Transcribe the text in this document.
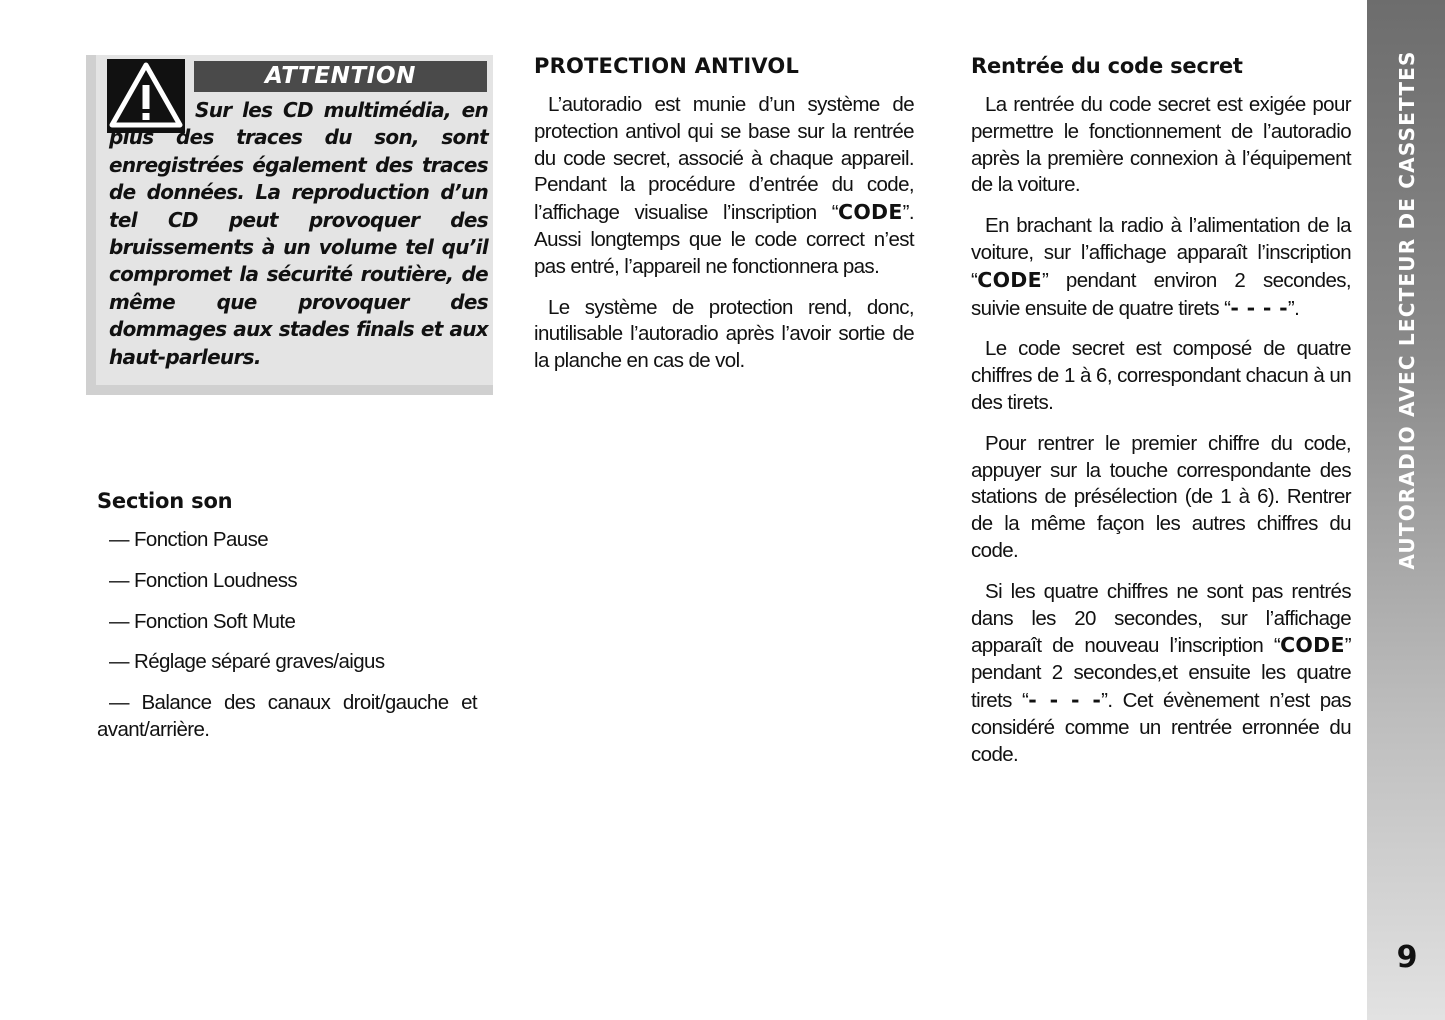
ATTENTION
Sur les CD multimédia, en plus des traces du son, sont enregistrées également des traces de données. La reproduction d’un tel CD peut provoquer des bruissements à un volume tel qu’il compromet la sécurité routière, de même que provoquer des dommages aux stades finals et aux haut-parleurs.
Section son
— Fonction Pause
— Fonction Loudness
— Fonction Soft Mute
— Réglage séparé graves/aigus
— Balance des canaux droit/gauche et avant/arrière.
PROTECTION ANTIVOL

L’autoradio est munie d’un système de protection antivol qui se base sur la rentrée du code secret, associé à chaque appareil. Pendant la procédure d’entrée du code, l’affichage visualise l’inscription “CODE”. Aussi longtemps que le code correct n’est pas entré, l’appareil ne fonctionnera pas.

Le système de protection rend, donc, inutilisable l’autoradio après l’avoir sortie de la planche en cas de vol.

Rentrée du code secret

La rentrée du code secret est exigée pour permettre le fonctionnement de l’autoradio après la première connexion à l’équipement de la voiture.

En brachant la radio à l’alimentation de la voiture, sur l’affichage apparaît l’inscription “CODE” pendant environ 2 secondes, suivie ensuite de quatre tirets “- - - -”.

Le code secret est composé de quatre chiffres de 1 à 6, correspondant chacun à un des tirets.

Pour rentrer le premier chiffre du code, appuyer sur la touche correspondante des stations de présélection (de 1 à 6). Rentrer de la même façon les autres chiffres du code.

Si les quatre chiffres ne sont pas rentrés dans les 20 secondes, sur l’affichage apparaît de nouveau l’inscription “CODE” pendant 2 secondes,et ensuite les quatre tirets “- - - -”. Cet évènement n’est pas considéré comme un rentrée erronnée du code.

AUTORADIO AVEC LECTEUR DE CASSETTES
9
